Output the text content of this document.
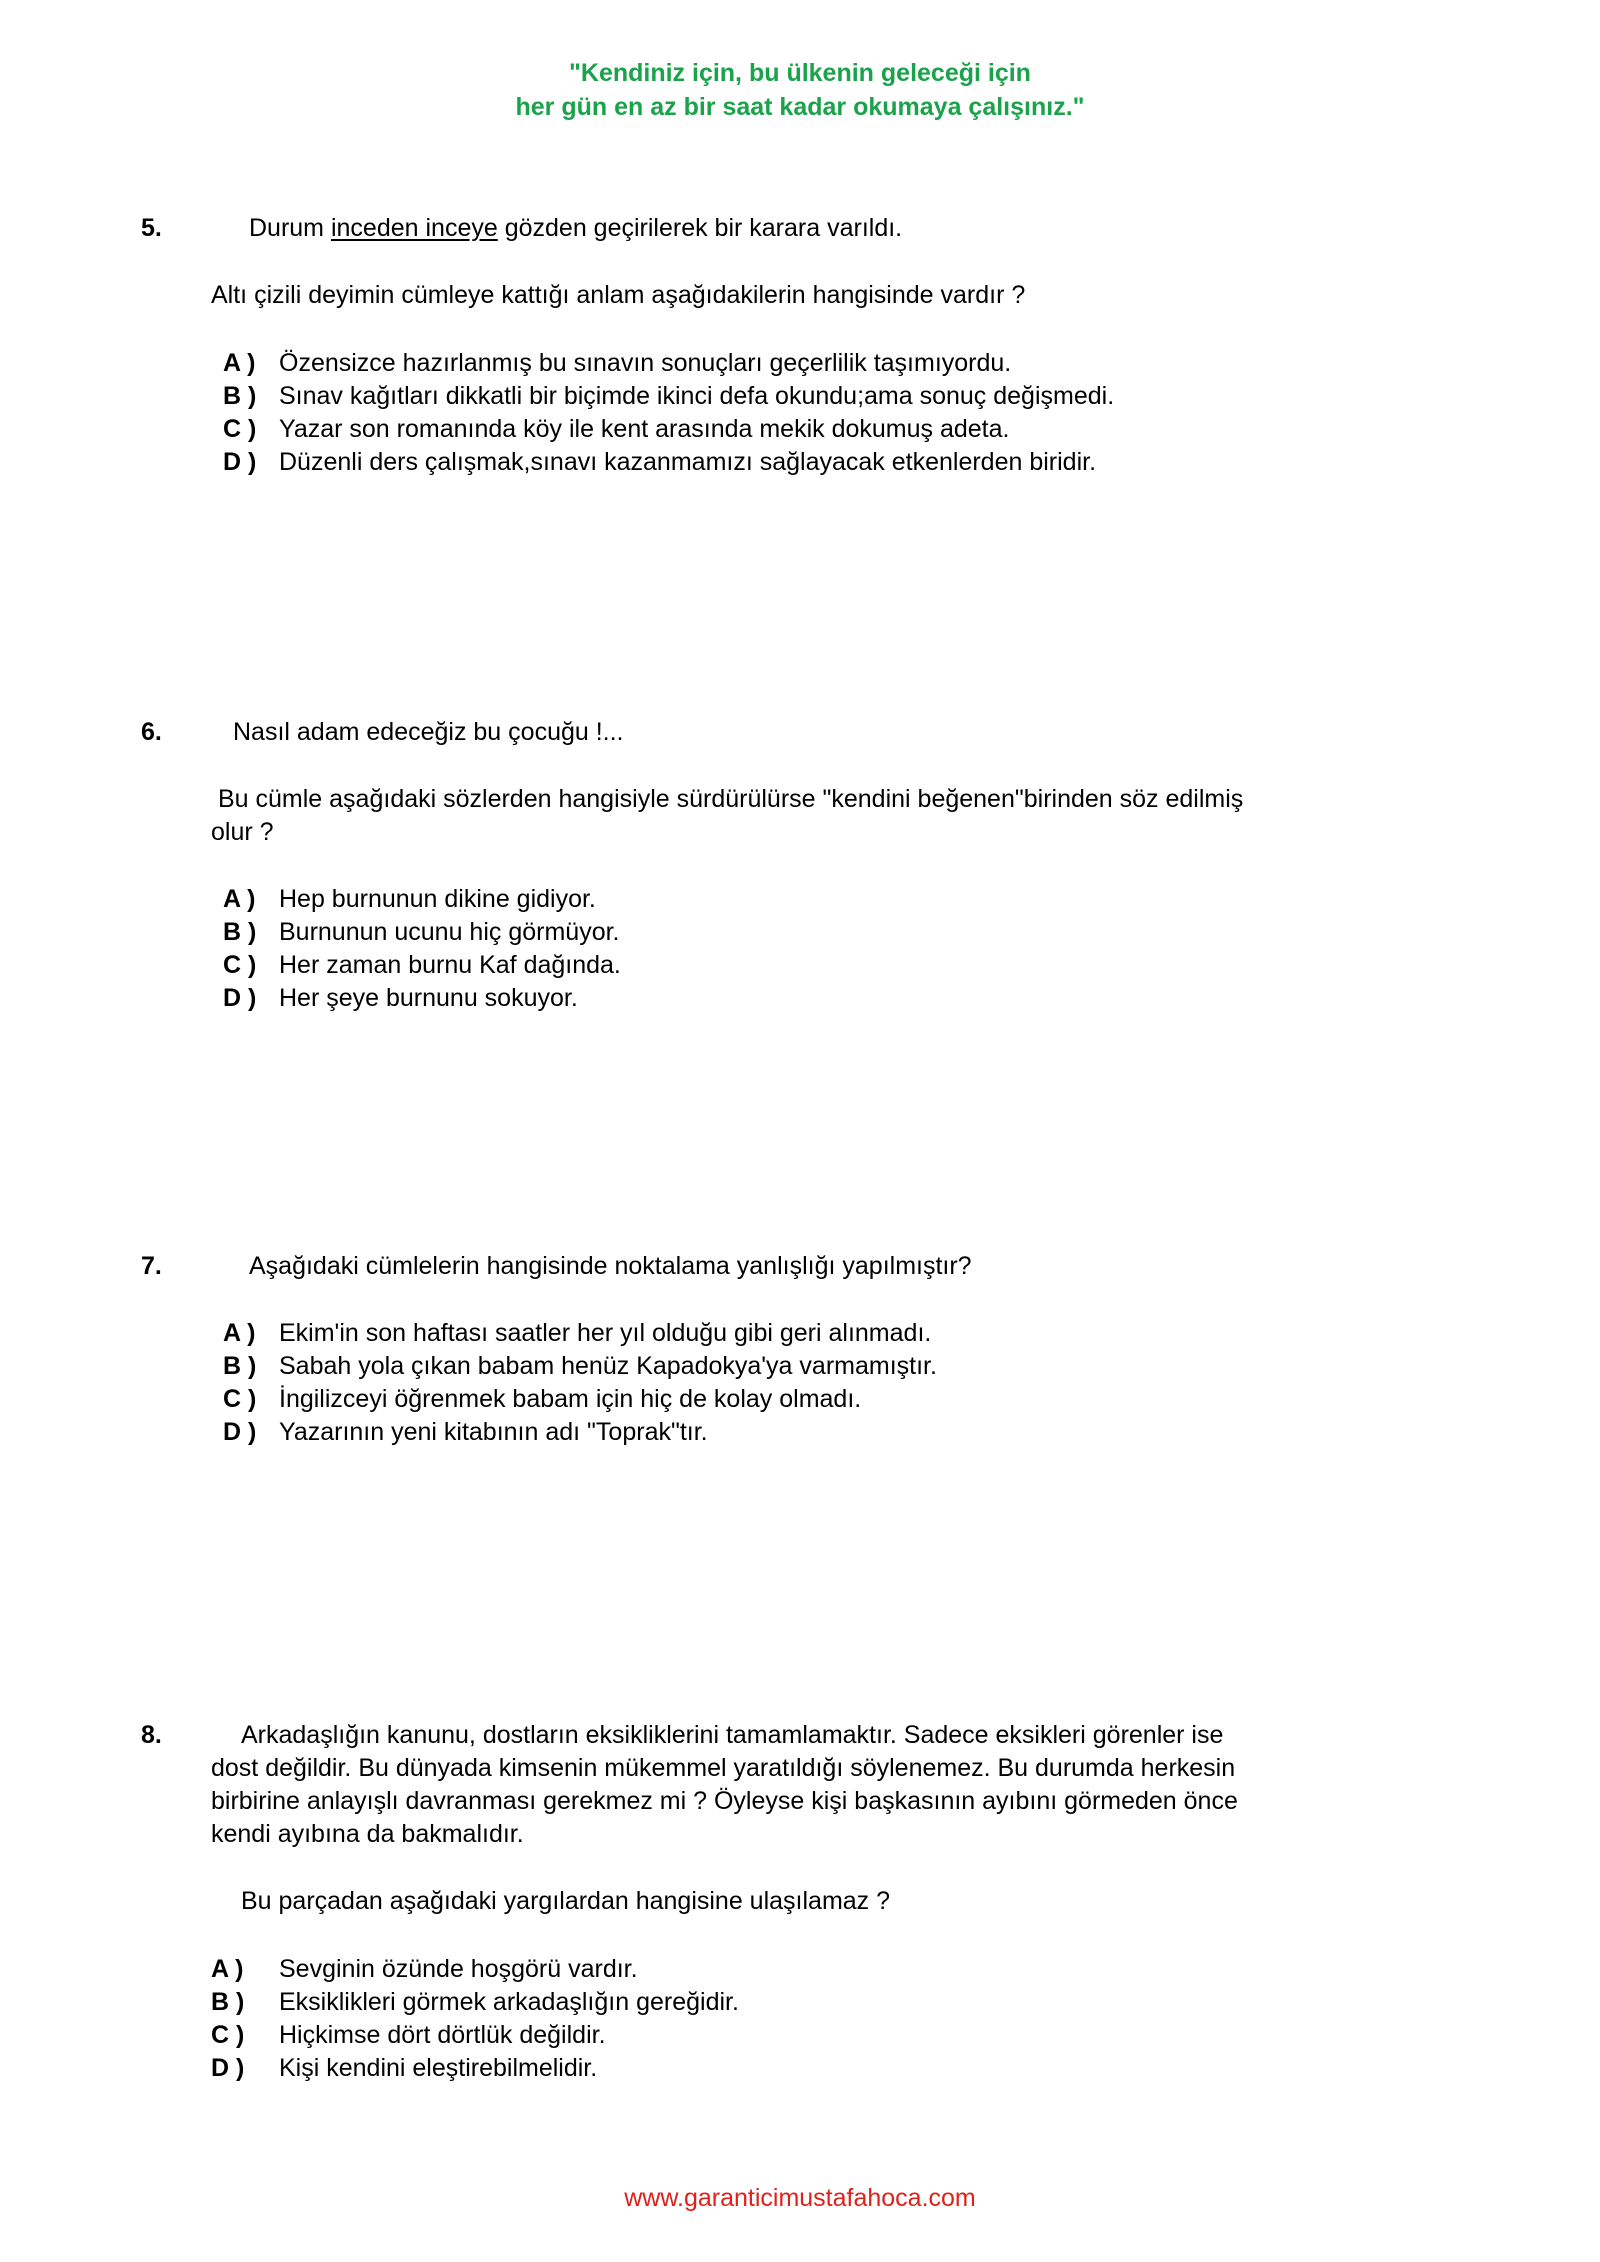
"Kendiniz için, bu ülkenin geleceği için
her gün en az bir saat kadar okumaya çalışınız."
5.	Durum inceden inceye gözden geçirilerek bir karara varıldı.
Altı çizili deyimin cümleye kattığı anlam aşağıdakilerin hangisinde vardır ?
A ) Özensizce hazırlanmış bu sınavın sonuçları geçerlilik taşımıyordu.
B ) Sınav kağıtları dikkatli bir biçimde ikinci defa okundu;ama sonuç değişmedi.
C ) Yazar son romanında köy ile kent arasında mekik dokumuş adeta.
D ) Düzenli ders çalışmak,sınavı kazanmamızı sağlayacak etkenlerden biridir.
6.	Nasıl adam edeceğiz bu çocuğu !...
Bu cümle aşağıdaki sözlerden hangisiyle sürdürülürse "kendini beğenen"birinden söz edilmiş
olur ?
A ) Hep burnunun dikine gidiyor.
B ) Burnunun ucunu hiç görmüyor.
C ) Her zaman burnu Kaf dağında.
D ) Her şeye burnunu sokuyor.
7.	Aşağıdaki cümlelerin hangisinde noktalama yanlışlığı yapılmıştır?
A ) Ekim'in son haftası saatler her yıl olduğu gibi geri alınmadı.
B ) Sabah yola çıkan babam henüz Kapadokya'ya varmamıştır.
C ) İngilizceyi öğrenmek babam için hiç de kolay olmadı.
D ) Yazarının yeni kitabının adı "Toprak"tır.
8.	Arkadaşlığın kanunu, dostların eksikliklerini tamamlamaktır. Sadece eksikleri görenler ise
dost değildir. Bu dünyada kimsenin mükemmel yaratıldığı söylenemez. Bu durumda herkesin
birbirine anlayışlı davranması gerekmez mi ? Öyleyse kişi başkasının ayıbını görmeden önce
kendi ayıbına da bakmalıdır.
Bu parçadan aşağıdaki yargılardan hangisine ulaşılamaz ?
A ) Sevginin özünde hoşgörü vardır.
B ) Eksiklikleri görmek arkadaşlığın gereğidir.
C ) Hiçkimse dört dörtlük değildir.
D ) Kişi kendini eleştirebilmelidir.
www.garanticimustafahoca.com
